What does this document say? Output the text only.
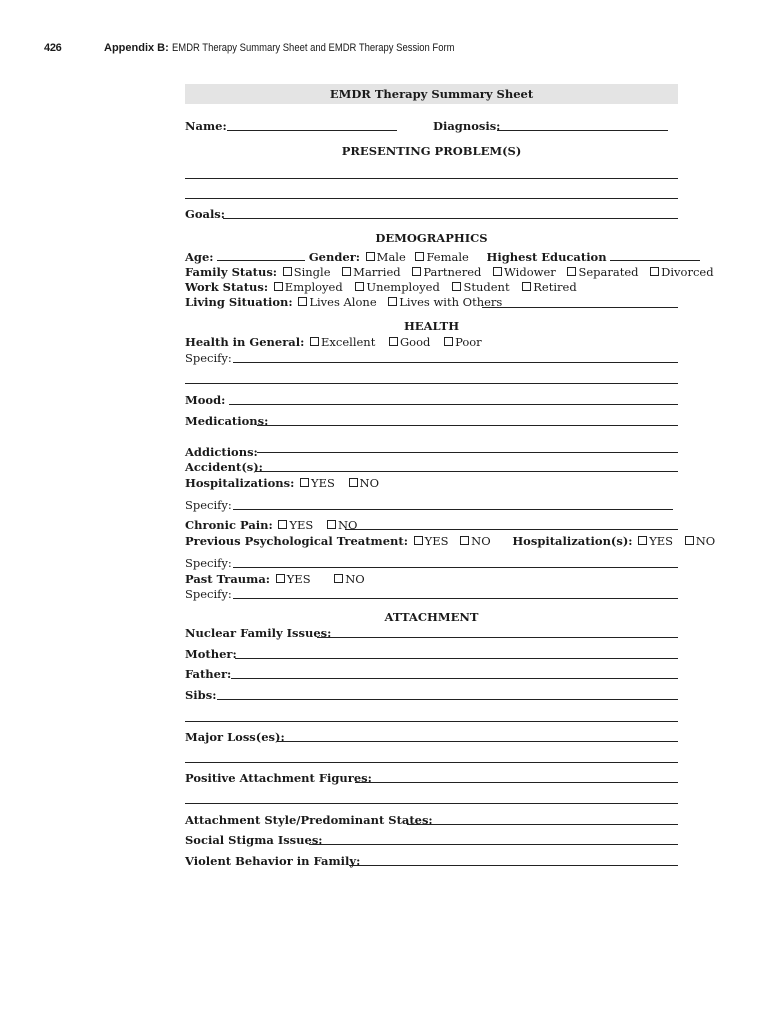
426	Appendix B: EMDR Therapy Summary Sheet and EMDR Therapy Session Form
EMDR Therapy Summary Sheet
Name:	Diagnosis:
PRESENTING PROBLEM(S)
Goals:
DEMOGRAPHICS
Age:	Gender: Male Female Highest Education
Family Status: Single Married Partnered Widower Separated Divorced
Work Status: Employed Unemployed Student Retired
Living Situation: Lives Alone Lives with Others
HEALTH
Health in General: Excellent Good Poor
Specify:
Mood:
Medications:
Addictions:
Accident(s):
Hospitalizations: YES NO
Specify:
Chronic Pain: YES NO
Previous Psychological Treatment: YES NO Hospitalization(s): YES NO
Specify:
Past Trauma: YES	NO
Specify:
ATTACHMENT
Nuclear Family Issues:
Mother:
Father:
Sibs:
Major Loss(es):
Positive Attachment Figures:
Attachment Style/Predominant States:
Social Stigma Issues:
Violent Behavior in Family:
